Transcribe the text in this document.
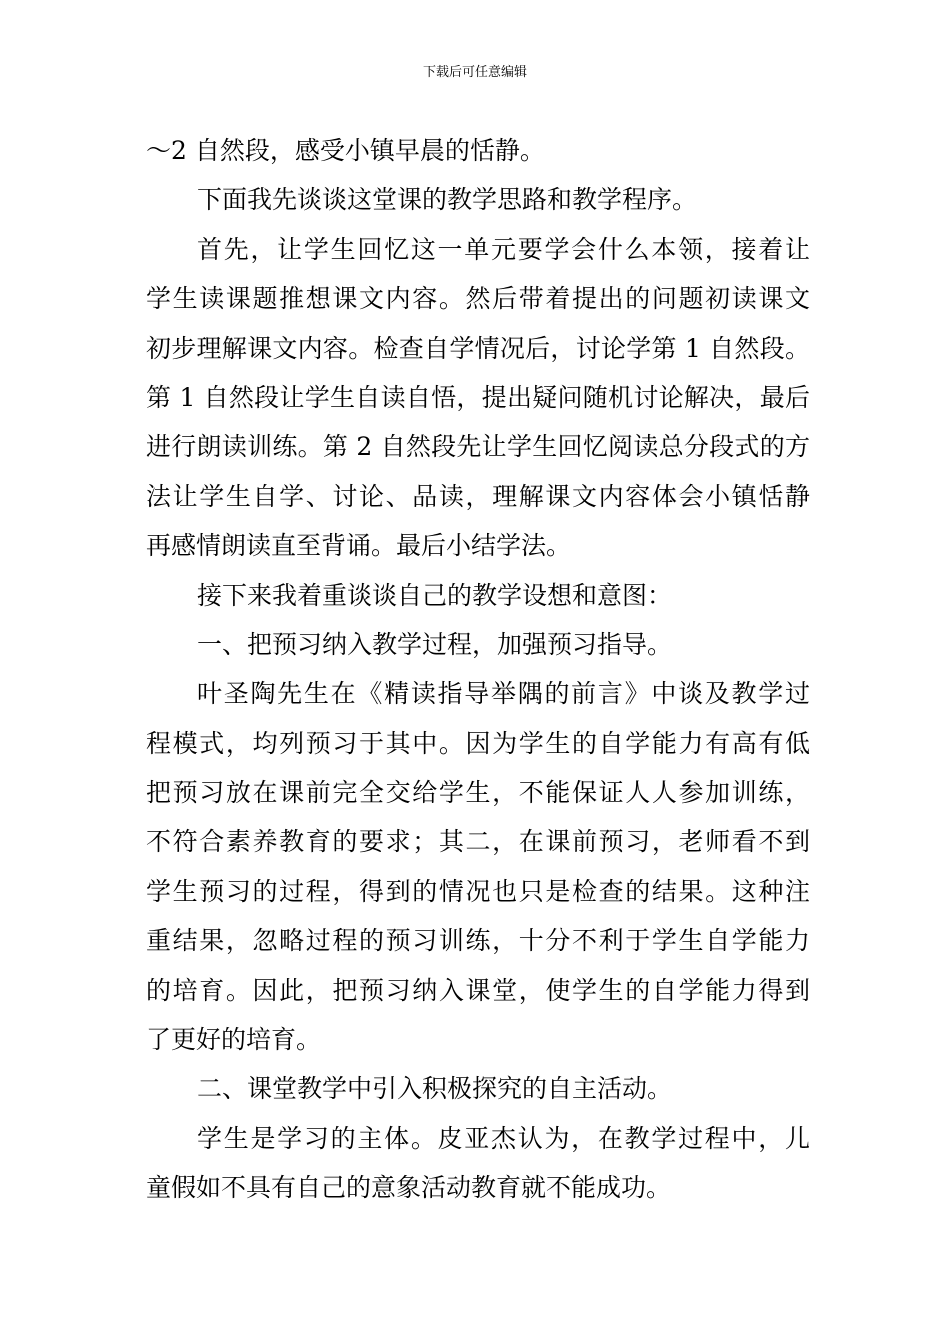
下载后可任意编辑
～2 自然段，感受小镇早晨的恬静。
下面我先谈谈这堂课的教学思路和教学程序。
首先，让学生回忆这一单元要学会什么本领，接着让
学生读课题推想课文内容。然后带着提出的问题初读课文
初步理解课文内容。检查自学情况后，讨论学第 1 自然段。
第 1 自然段让学生自读自悟，提出疑问随机讨论解决，最后
进行朗读训练。第 2 自然段先让学生回忆阅读总分段式的方
法让学生自学、讨论、品读，理解课文内容体会小镇恬静
再感情朗读直至背诵。最后小结学法。
接下来我着重谈谈自己的教学设想和意图：
一、把预习纳入教学过程，加强预习指导。
叶圣陶先生在《精读指导举隅的前言》中谈及教学过
程模式，均列预习于其中。因为学生的自学能力有高有低
把预习放在课前完全交给学生，不能保证人人参加训练，
不符合素养教育的要求；其二，在课前预习，老师看不到
学生预习的过程，得到的情况也只是检查的结果。这种注
重结果，忽略过程的预习训练，十分不利于学生自学能力
的培育。因此，把预习纳入课堂，使学生的自学能力得到
了更好的培育。
二、课堂教学中引入积极探究的自主活动。
学生是学习的主体。皮亚杰认为，在教学过程中，儿
童假如不具有自己的意象活动教育就不能成功。
